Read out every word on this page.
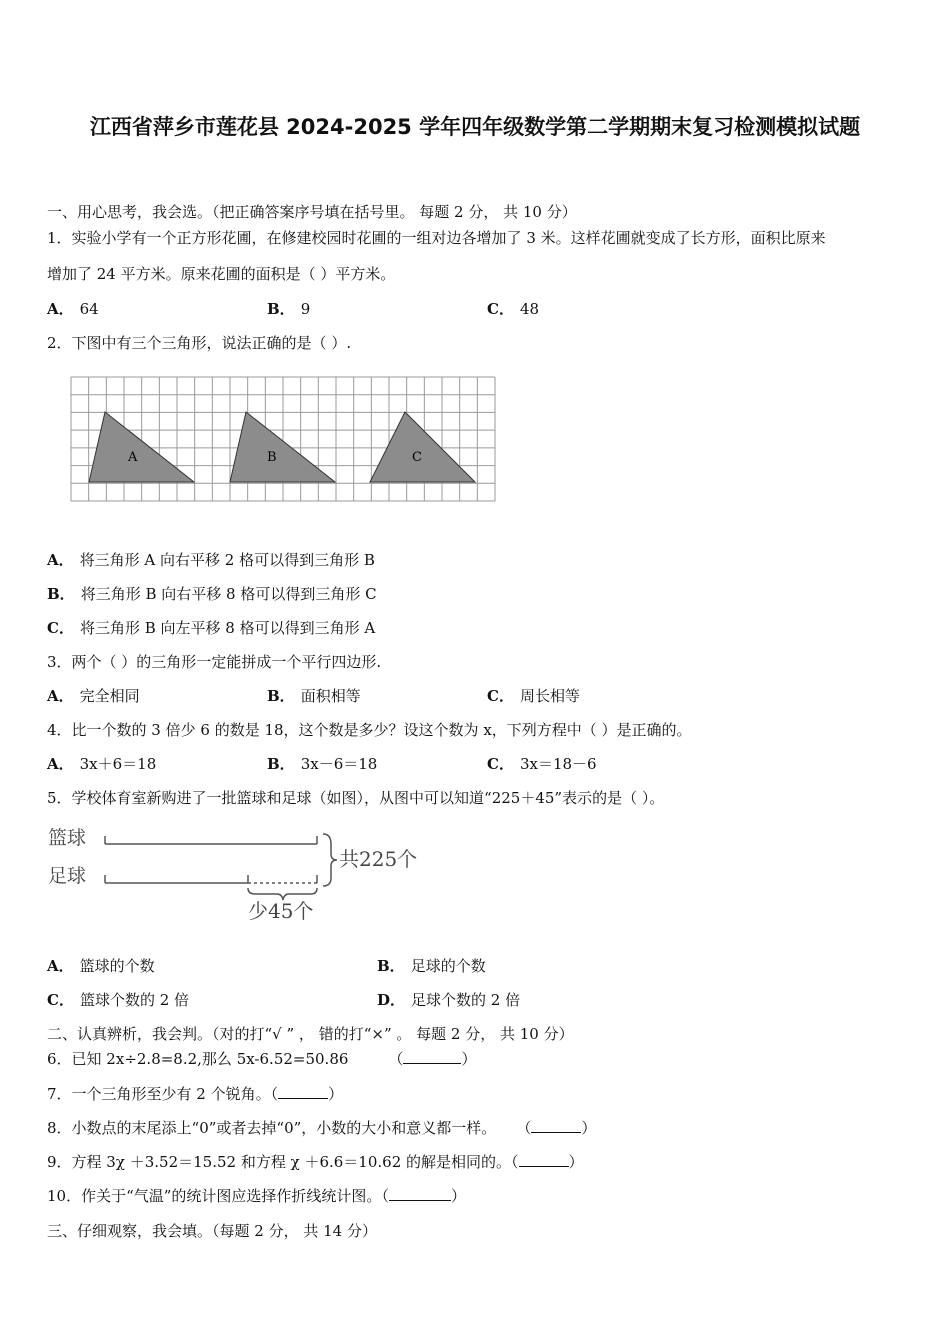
江西省萍乡市莲花县 2024-2025 学年四年级数学第二学期期末复习检测模拟试题
一、用心思考，我会选。（把正确答案序号填在括号里。 每题 2 分， 共 10 分）
1．实验小学有一个正方形花圃，在修建校园时花圃的一组对边各增加了 3 米。这样花圃就变成了长方形，面积比原来
增加了 24 平方米。原来花圃的面积是（ ）平方米。
A． 64	B． 9	C． 48
2．下图中有三个三角形，说法正确的是（ ）.
A	B	C
A． 将三角形 A 向右平移 2 格可以得到三角形 B
B． 将三角形 B 向右平移 8 格可以得到三角形 C
C． 将三角形 B 向左平移 8 格可以得到三角形 A
3．两个（ ）的三角形一定能拼成一个平行四边形.
A． 完全相同	B． 面积相等	C． 周长相等
4．比一个数的 3 倍少 6 的数是 18，这个数是多少？设这个数为 x，下列方程中（ ）是正确的。
A． 3x＋6＝18	B． 3x－6＝18	C． 3x＝18－6
5．学校体育室新购进了一批篮球和足球（如图），从图中可以知道“225＋45”表示的是（ ）。
篮球
足球
共225个
少45个
A． 篮球的个数	B． 足球的个数
C． 篮球个数的 2 倍	D． 足球个数的 2 倍
二、认真辨析，我会判。（对的打“√ ” ， 错的打“×” 。 每题 2 分， 共 10 分）
6．已知 2x÷2.8=8.2,那么 5x-6.52=50.86	（	）
7．一个三角形至少有 2 个锐角。（	）
8．小数点的末尾添上“0”或者去掉“0”，小数的大小和意义都一样。 （	）
9．方程 3χ ＋3.52＝15.52 和方程 χ ＋6.6＝10.62 的解是相同的。（	）
10．作关于“气温”的统计图应选择作折线统计图。（	）
三、仔细观察，我会填。（每题 2 分， 共 14 分）
